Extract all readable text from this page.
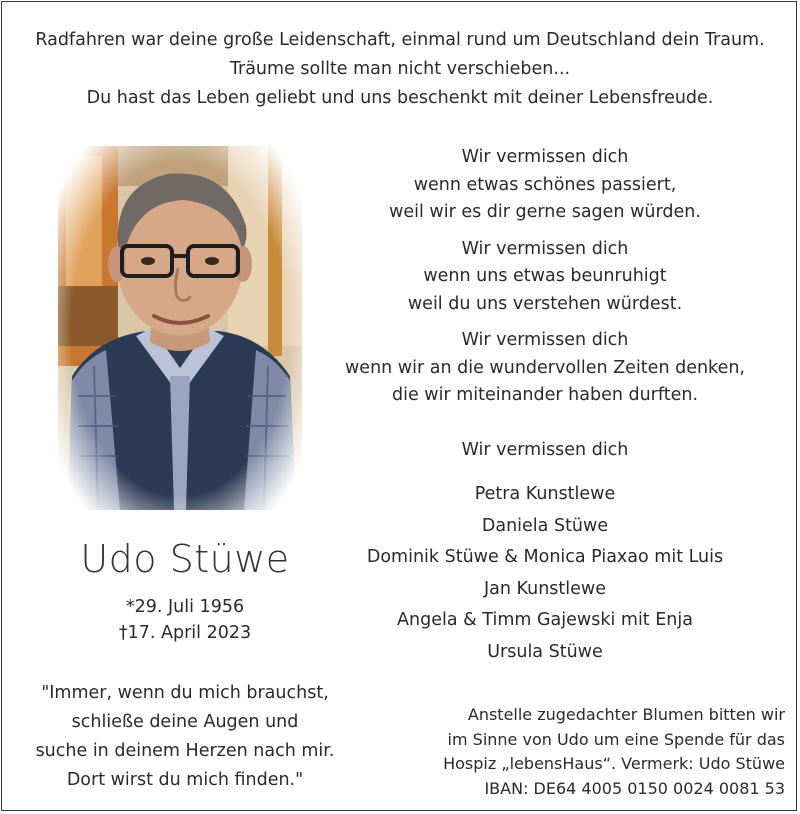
Radfahren war deine große Leidenschaft, einmal rund um Deutschland dein Traum.
Träume sollte man nicht verschieben...
Du hast das Leben geliebt und uns beschenkt mit deiner Lebensfreude.
Udo Stüwe
*29. Juli 1956
†17. April 2023
"Immer, wenn du mich brauchst,
schließe deine Augen und
suche in deinem Herzen nach mir.
Dort wirst du mich finden."
Wir vermissen dich
wenn etwas schönes passiert,
weil wir es dir gerne sagen würden.
Wir vermissen dich
wenn uns etwas beunruhigt
weil du uns verstehen würdest.
Wir vermissen dich
wenn wir an die wundervollen Zeiten denken,
die wir miteinander haben durften.
Wir vermissen dich
Petra Kunstlewe
Daniela Stüwe
Dominik Stüwe & Monica Piaxao mit Luis
Jan Kunstlewe
Angela & Timm Gajewski mit Enja
Ursula Stüwe
Anstelle zugedachter Blumen bitten wir
im Sinne von Udo um eine Spende für das
Hospiz „lebensHaus“. Vermerk: Udo Stüwe
IBAN: DE64 4005 0150 0024 0081 53
